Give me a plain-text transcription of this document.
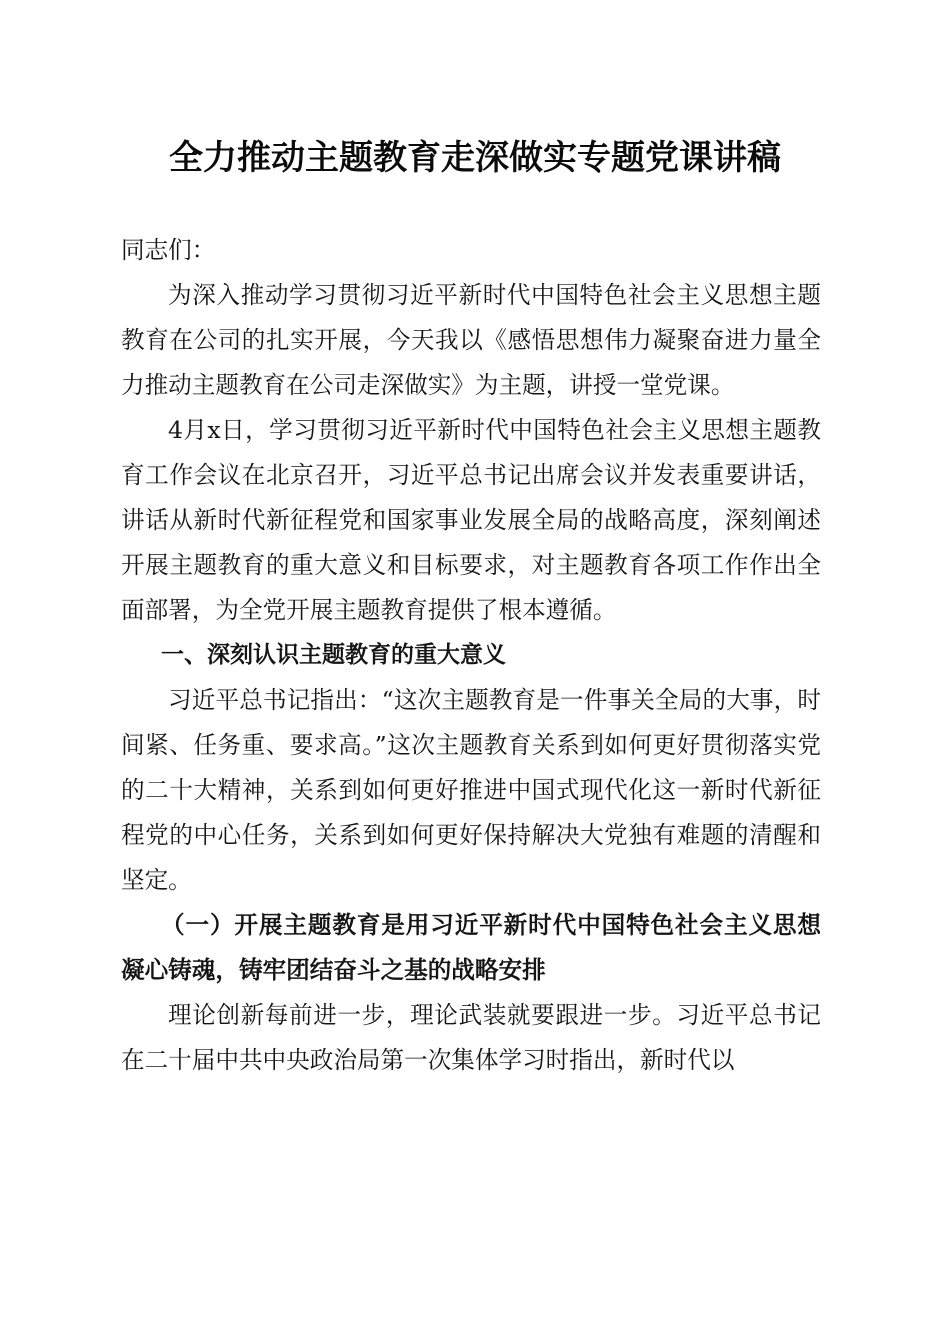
全力推动主题教育走深做实专题党课讲稿

同志们：

为深入推动学习贯彻习近平新时代中国特色社会主义思想主题教育在公司的扎实开展，今天我以《感悟思想伟力凝聚奋进力量全力推动主题教育在公司走深做实》为主题，讲授一堂党课。

4月x日，学习贯彻习近平新时代中国特色社会主义思想主题教育工作会议在北京召开，习近平总书记出席会议并发表重要讲话，讲话从新时代新征程党和国家事业发展全局的战略高度，深刻阐述开展主题教育的重大意义和目标要求，对主题教育各项工作作出全面部署，为全党开展主题教育提供了根本遵循。

一、深刻认识主题教育的重大意义

习近平总书记指出：“这次主题教育是一件事关全局的大事，时间紧、任务重、要求高。”这次主题教育关系到如何更好贯彻落实党的二十大精神，关系到如何更好推进中国式现代化这一新时代新征程党的中心任务，关系到如何更好保持解决大党独有难题的清醒和坚定。

（一）开展主题教育是用习近平新时代中国特色社会主义思想凝心铸魂，铸牢团结奋斗之基的战略安排

理论创新每前进一步，理论武装就要跟进一步。习近平总书记在二十届中共中央政治局第一次集体学习时指出，新时代以
